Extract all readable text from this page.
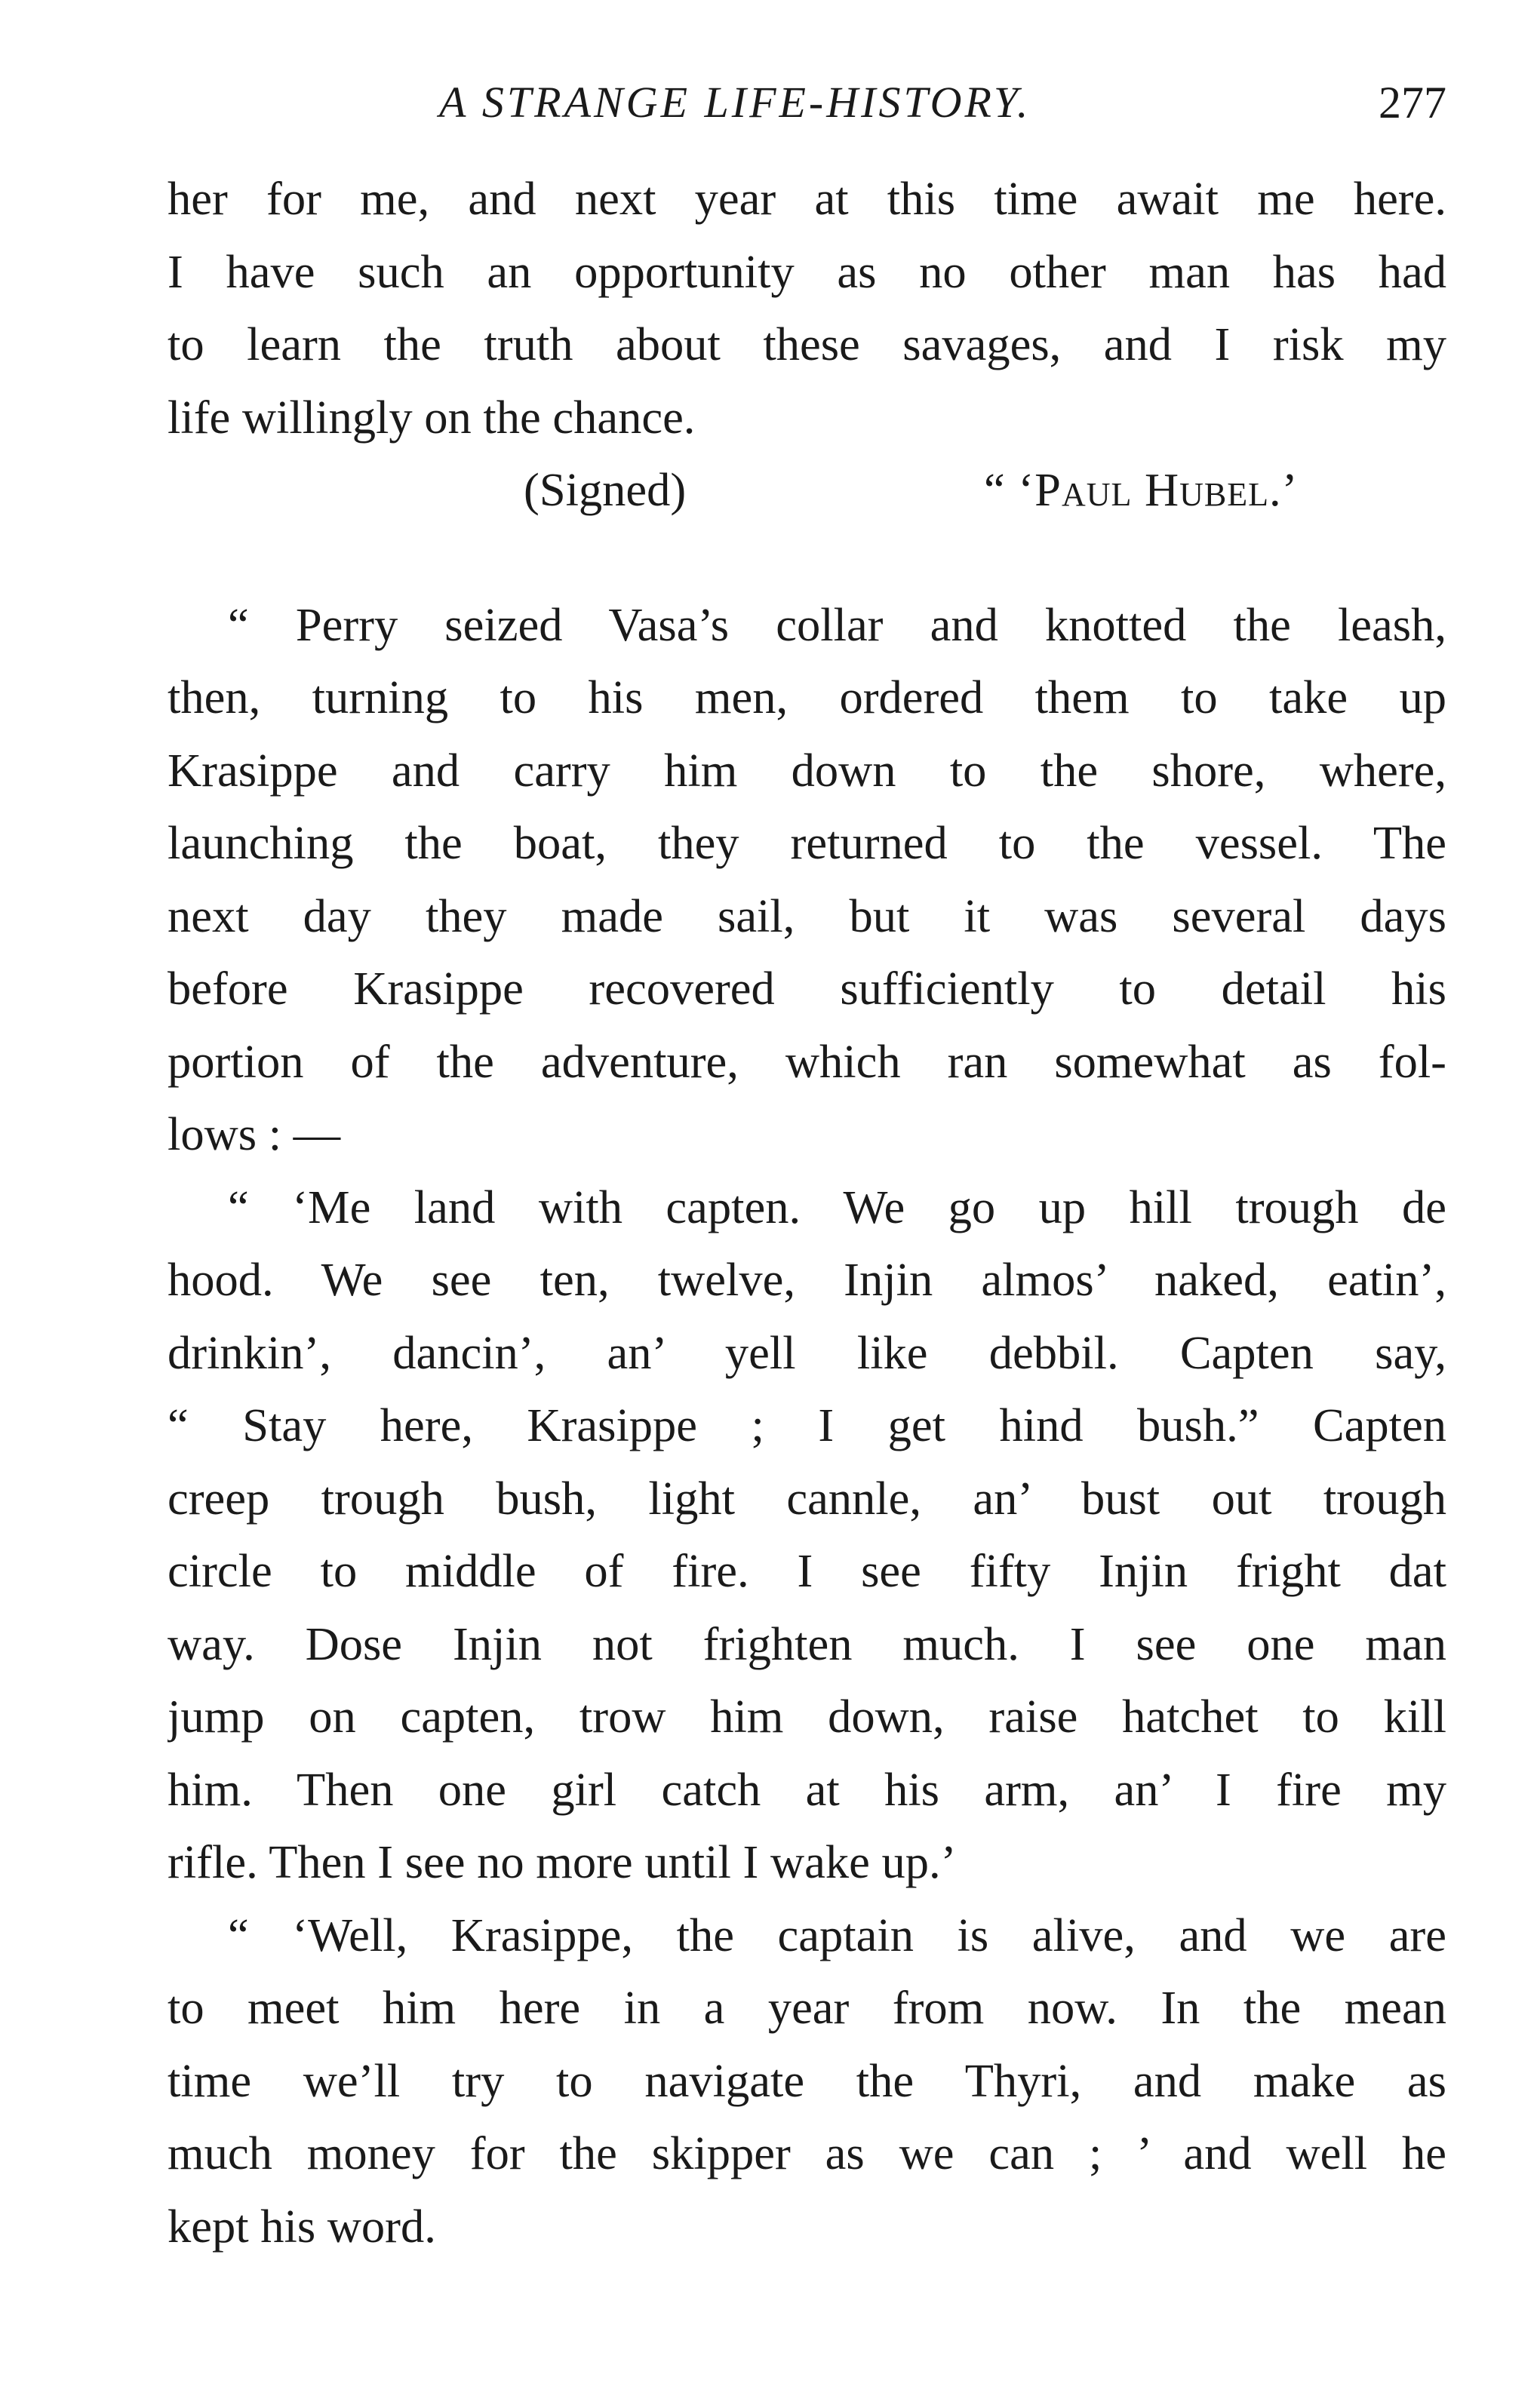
A STRANGE LIFE-HISTORY.	277
her for me, and next year at this time await me here.
I have such an opportunity as no other man has had
to learn the truth about these savages, and I risk my
life willingly on the chance.
(Signed)	“ ‘Paul Hubel.’
“ Perry seized Vasa’s collar and knotted the leash,
then, turning to his men, ordered them to take up
Krasippe and carry him down to the shore, where,
launching the boat, they returned to the vessel. The
next day they made sail, but it was several days
before Krasippe recovered sufficiently to detail his
portion of the adventure, which ran somewhat as fol-
lows : —
“ ‘Me land with capten. We go up hill trough de
hood. We see ten, twelve, Injin almos’ naked, eatin’,
drinkin’, dancin’, an’ yell like debbil. Capten say,
“ Stay here, Krasippe ; I get hind bush.” Capten
creep trough bush, light cannle, an’ bust out trough
circle to middle of fire. I see fifty Injin fright dat
way. Dose Injin not frighten much. I see one man
jump on capten, trow him down, raise hatchet to kill
him. Then one girl catch at his arm, an’ I fire my
rifle. Then I see no more until I wake up.’
“ ‘Well, Krasippe, the captain is alive, and we are
to meet him here in a year from now. In the mean
time we’ll try to navigate the Thyri, and make as
much money for the skipper as we can ; ’ and well he
kept his word.
